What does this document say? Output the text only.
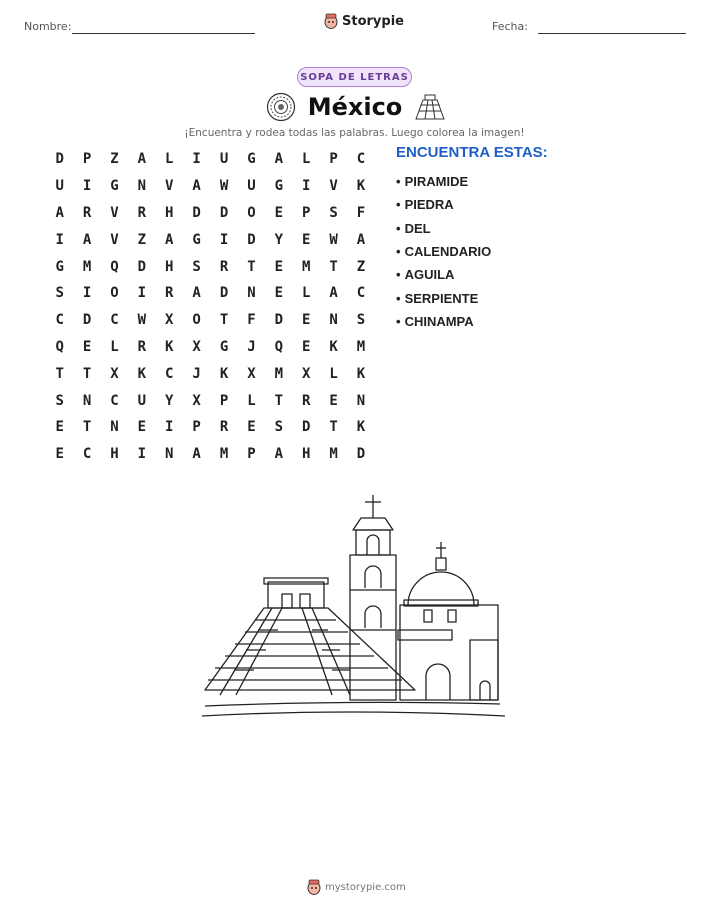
Nombre:	Storypie	Fecha:
SOPA DE LETRAS
México
¡Encuentra y rodea todas las palabras. Luego colorea la imagen!
D	P	Z	A	L	I	U	G	A	L	P	C
U	I	G	N	V	A	W	U	G	I	V	K
A	R	V	R	H	D	D	O	E	P	S	F
I	A	V	Z	A	G	I	D	Y	E	W	A
G	M	Q	D	H	S	R	T	E	M	T	Z
S	I	O	I	R	A	D	N	E	L	A	C
C	D	C	W	X	O	T	F	D	E	N	S
Q	E	L	R	K	X	G	J	Q	E	K	M
T	T	X	K	C	J	K	X	M	X	L	K
S	N	C	U	Y	X	P	L	T	R	E	N
E	T	N	E	I	P	R	E	S	D	T	K
E	C	H	I	N	A	M	P	A	H	M	D
ENCUENTRA ESTAS:
• PIRAMIDE
• PIEDRA
• DEL
• CALENDARIO
• AGUILA
• SERPIENTE
• CHINAMPA
mystorypie.com
